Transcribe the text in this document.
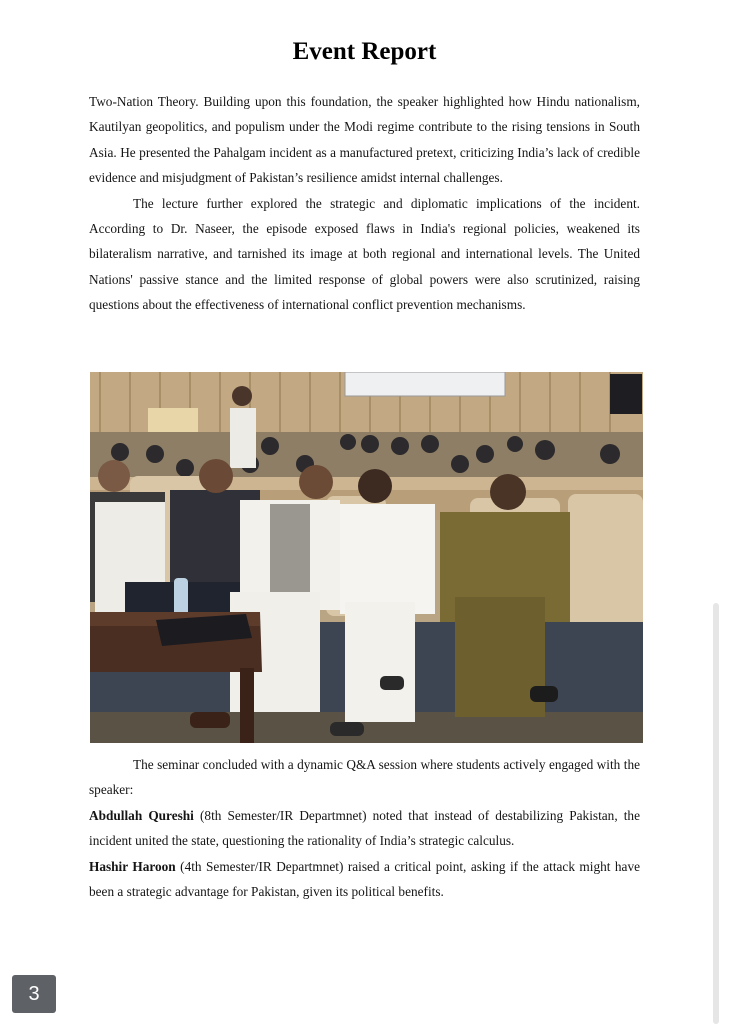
Event Report

Two-Nation Theory. Building upon this foundation, the speaker highlighted how Hindu nationalism, Kautilyan geopolitics, and populism under the Modi regime contribute to the rising tensions in South Asia. He presented the Pahalgam incident as a manufactured pretext, criticizing India’s lack of credible evidence and misjudgment of Pakistan’s resilience amidst internal challenges.

The lecture further explored the strategic and diplomatic implications of the incident. According to Dr. Naseer, the episode exposed flaws in India's regional policies, weakened its bilateralism narrative, and tarnished its image at both regional and international levels. The United Nations' passive stance and the limited response of global powers were also scrutinized, raising questions about the effectiveness of international conflict prevention mechanisms.

The seminar concluded with a dynamic Q&A session where students actively engaged with the speaker:

Abdullah Qureshi (8th Semester/IR Departmnet) noted that instead of destabilizing Pakistan, the incident united the state, questioning the rationality of India’s strategic calculus.

Hashir Haroon (4th Semester/IR Departmnet) raised a critical point, asking if the attack might have been a strategic advantage for Pakistan, given its political benefits.

3
